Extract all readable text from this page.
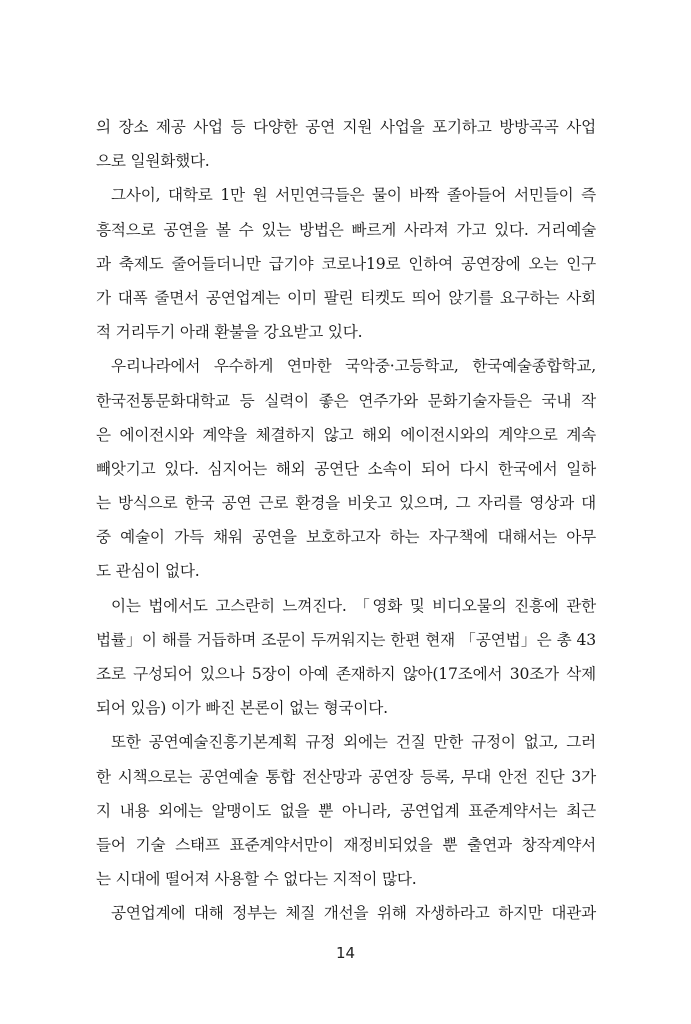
의 장소 제공 사업 등 다양한 공연 지원 사업을 포기하고 방방곡곡 사업
으로 일원화했다.
그사이, 대학로 1만 원 서민연극들은 물이 바짝 졸아들어 서민들이 즉
흥적으로 공연을 볼 수 있는 방법은 빠르게 사라져 가고 있다. 거리예술
과 축제도 줄어들더니만 급기야 코로나19로 인하여 공연장에 오는 인구
가 대폭 줄면서 공연업계는 이미 팔린 티켓도 띄어 앉기를 요구하는 사회
적 거리두기 아래 환불을 강요받고 있다.
우리나라에서 우수하게 연마한 국악중·고등학교, 한국예술종합학교,
한국전통문화대학교 등 실력이 좋은 연주가와 문화기술자들은 국내 작
은 에이전시와 계약을 체결하지 않고 해외 에이전시와의 계약으로 계속
빼앗기고 있다. 심지어는 해외 공연단 소속이 되어 다시 한국에서 일하
는 방식으로 한국 공연 근로 환경을 비웃고 있으며, 그 자리를 영상과 대
중 예술이 가득 채워 공연을 보호하고자 하는 자구책에 대해서는 아무
도 관심이 없다.
이는 법에서도 고스란히 느껴진다. 「영화 및 비디오물의 진흥에 관한
법률」이 해를 거듭하며 조문이 두꺼워지는 한편 현재 「공연법」은 총 43
조로 구성되어 있으나 5장이 아예 존재하지 않아(17조에서 30조가 삭제
되어 있음) 이가 빠진 본론이 없는 형국이다.
또한 공연예술진흥기본계획 규정 외에는 건질 만한 규정이 없고, 그러
한 시책으로는 공연예술 통합 전산망과 공연장 등록, 무대 안전 진단 3가
지 내용 외에는 알맹이도 없을 뿐 아니라, 공연업계 표준계약서는 최근
들어 기술 스태프 표준계약서만이 재정비되었을 뿐 출연과 창작계약서
는 시대에 떨어져 사용할 수 없다는 지적이 많다.
공연업계에 대해 정부는 체질 개선을 위해 자생하라고 하지만 대관과
14
